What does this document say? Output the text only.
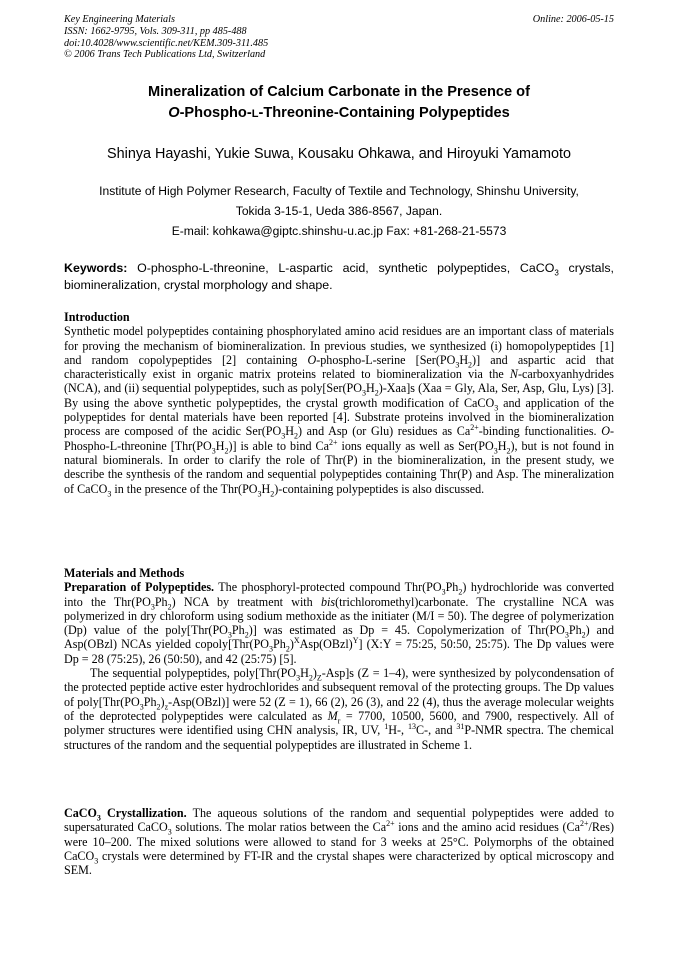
Key Engineering Materials
ISSN: 1662-9795, Vols. 309-311, pp 485-488
doi:10.4028/www.scientific.net/KEM.309-311.485
© 2006 Trans Tech Publications Ltd, Switzerland
Online: 2006-05-15
Mineralization of Calcium Carbonate in the Presence of
O-Phospho-L-Threonine-Containing Polypeptides
Shinya Hayashi, Yukie Suwa, Kousaku Ohkawa, and Hiroyuki Yamamoto
Institute of High Polymer Research, Faculty of Textile and Technology, Shinshu University,
Tokida 3-15-1, Ueda 386-8567, Japan.
E-mail: kohkawa@giptc.shinshu-u.ac.jp Fax: +81-268-21-5573
Keywords: O-phospho-L-threonine, L-aspartic acid, synthetic polypeptides, CaCO$_3$ crystals, biomineralization, crystal morphology and shape.

Introduction

Synthetic model polypeptides containing phosphorylated amino acid residues are an important class of materials for proving the mechanism of biomineralization. In previous studies, we synthesized (i) homopolypeptides [1] and random copolypeptides [2] containing O-phospho-L-serine $[Ser(PO_3H_2)]$ and aspartic acid that characteristically exist in organic matrix proteins related to biomineralization via the N-carboxyanhydrides (NCA), and (ii) sequential polypeptides, such as $poly[Ser(PO_3H_2)-Xaa]s$ (Xaa = Gly, Ala, Ser, Asp, Glu, Lys) [3]. By using the above synthetic polypeptides, the crystal growth modification of CaCO$_3$ and application of the polypeptides for dental materials have been reported [4]. Substrate proteins involved in the biomineralization process are composed of the acidic $Ser(PO_3H_2)$ and Asp (or Glu) residues as $Ca^{2+}$-binding functionalities. O-Phospho-L-threonine $[Thr(PO_3H_2)]$ is able to bind $Ca^{2+}$ ions equally as well as $Ser(PO_3H_2)$, but is not found in natural biominerals. In order to clarify the role of Thr(P) in the biomineralization, in the present study, we describe the synthesis of the random and sequential polypeptides containing Thr(P) and Asp. The mineralization of CaCO$_3$ in the presence of the $Thr(PO_3H_2)$-containing polypeptides is also discussed.

Materials and Methods

Preparation of Polypeptides. The phosphoryl-protected compound $Thr(PO_3Ph_2)$ hydrochloride was converted into the $Thr(PO_3Ph_2)$ NCA by treatment with bis(trichloromethyl)carbonate. The crystalline NCA was polymerized in dry chloroform using sodium methoxide as the initiater (M/I = 50). The degree of polymerization (Dp) value of the $poly[Thr(PO_3Ph_2)]$ was estimated as Dp = 45. Copolymerization of $Thr(PO_3Ph_2)$ and Asp(OBzl) NCAs yielded $copoly[Thr(PO_3Ph_2)^XAsp(OBzl)^Y]$ (X:Y = 75:25, 50:50, 25:75). The Dp values were Dp = 28 (75:25), 26 (50:50), and 42 (25:75) [5].

The sequential polypeptides, $poly[Thr(PO_3H_2)_Z-Asp]s$ (Z = 1–4), were synthesized by polycondensation of the protected peptide active ester hydrochlorides and subsequent removal of the protecting groups. The Dp values of $poly[Thr(PO_3Ph_2)_z-Asp(OBzl)]$ were 52 (Z = 1), 66 (2), 26 (3), and 22 (4), thus the average molecular weights of the deprotected polypeptides were calculated as $M_r = 7700$, 10500, 5600, and 7900, respectively. All of polymer structures were identified using CHN analysis, IR, UV, $^1$H-, $^{13}$C-, and $^{31}$P-NMR spectra. The chemical structures of the random and the sequential polypeptides are illustrated in Scheme 1.

CaCO$_3$ Crystallization. The aqueous solutions of the random and sequential polypeptides were added to supersaturated CaCO$_3$ solutions. The molar ratios between the $Ca^{2+}$ ions and the amino acid residues $(Ca^{2+}/Res)$ were 10–200. The mixed solutions were allowed to stand for 3 weeks at 25°C. Polymorphs of the obtained CaCO$_3$ crystals were determined by FT-IR and the crystal shapes were characterized by optical microscopy and SEM.
